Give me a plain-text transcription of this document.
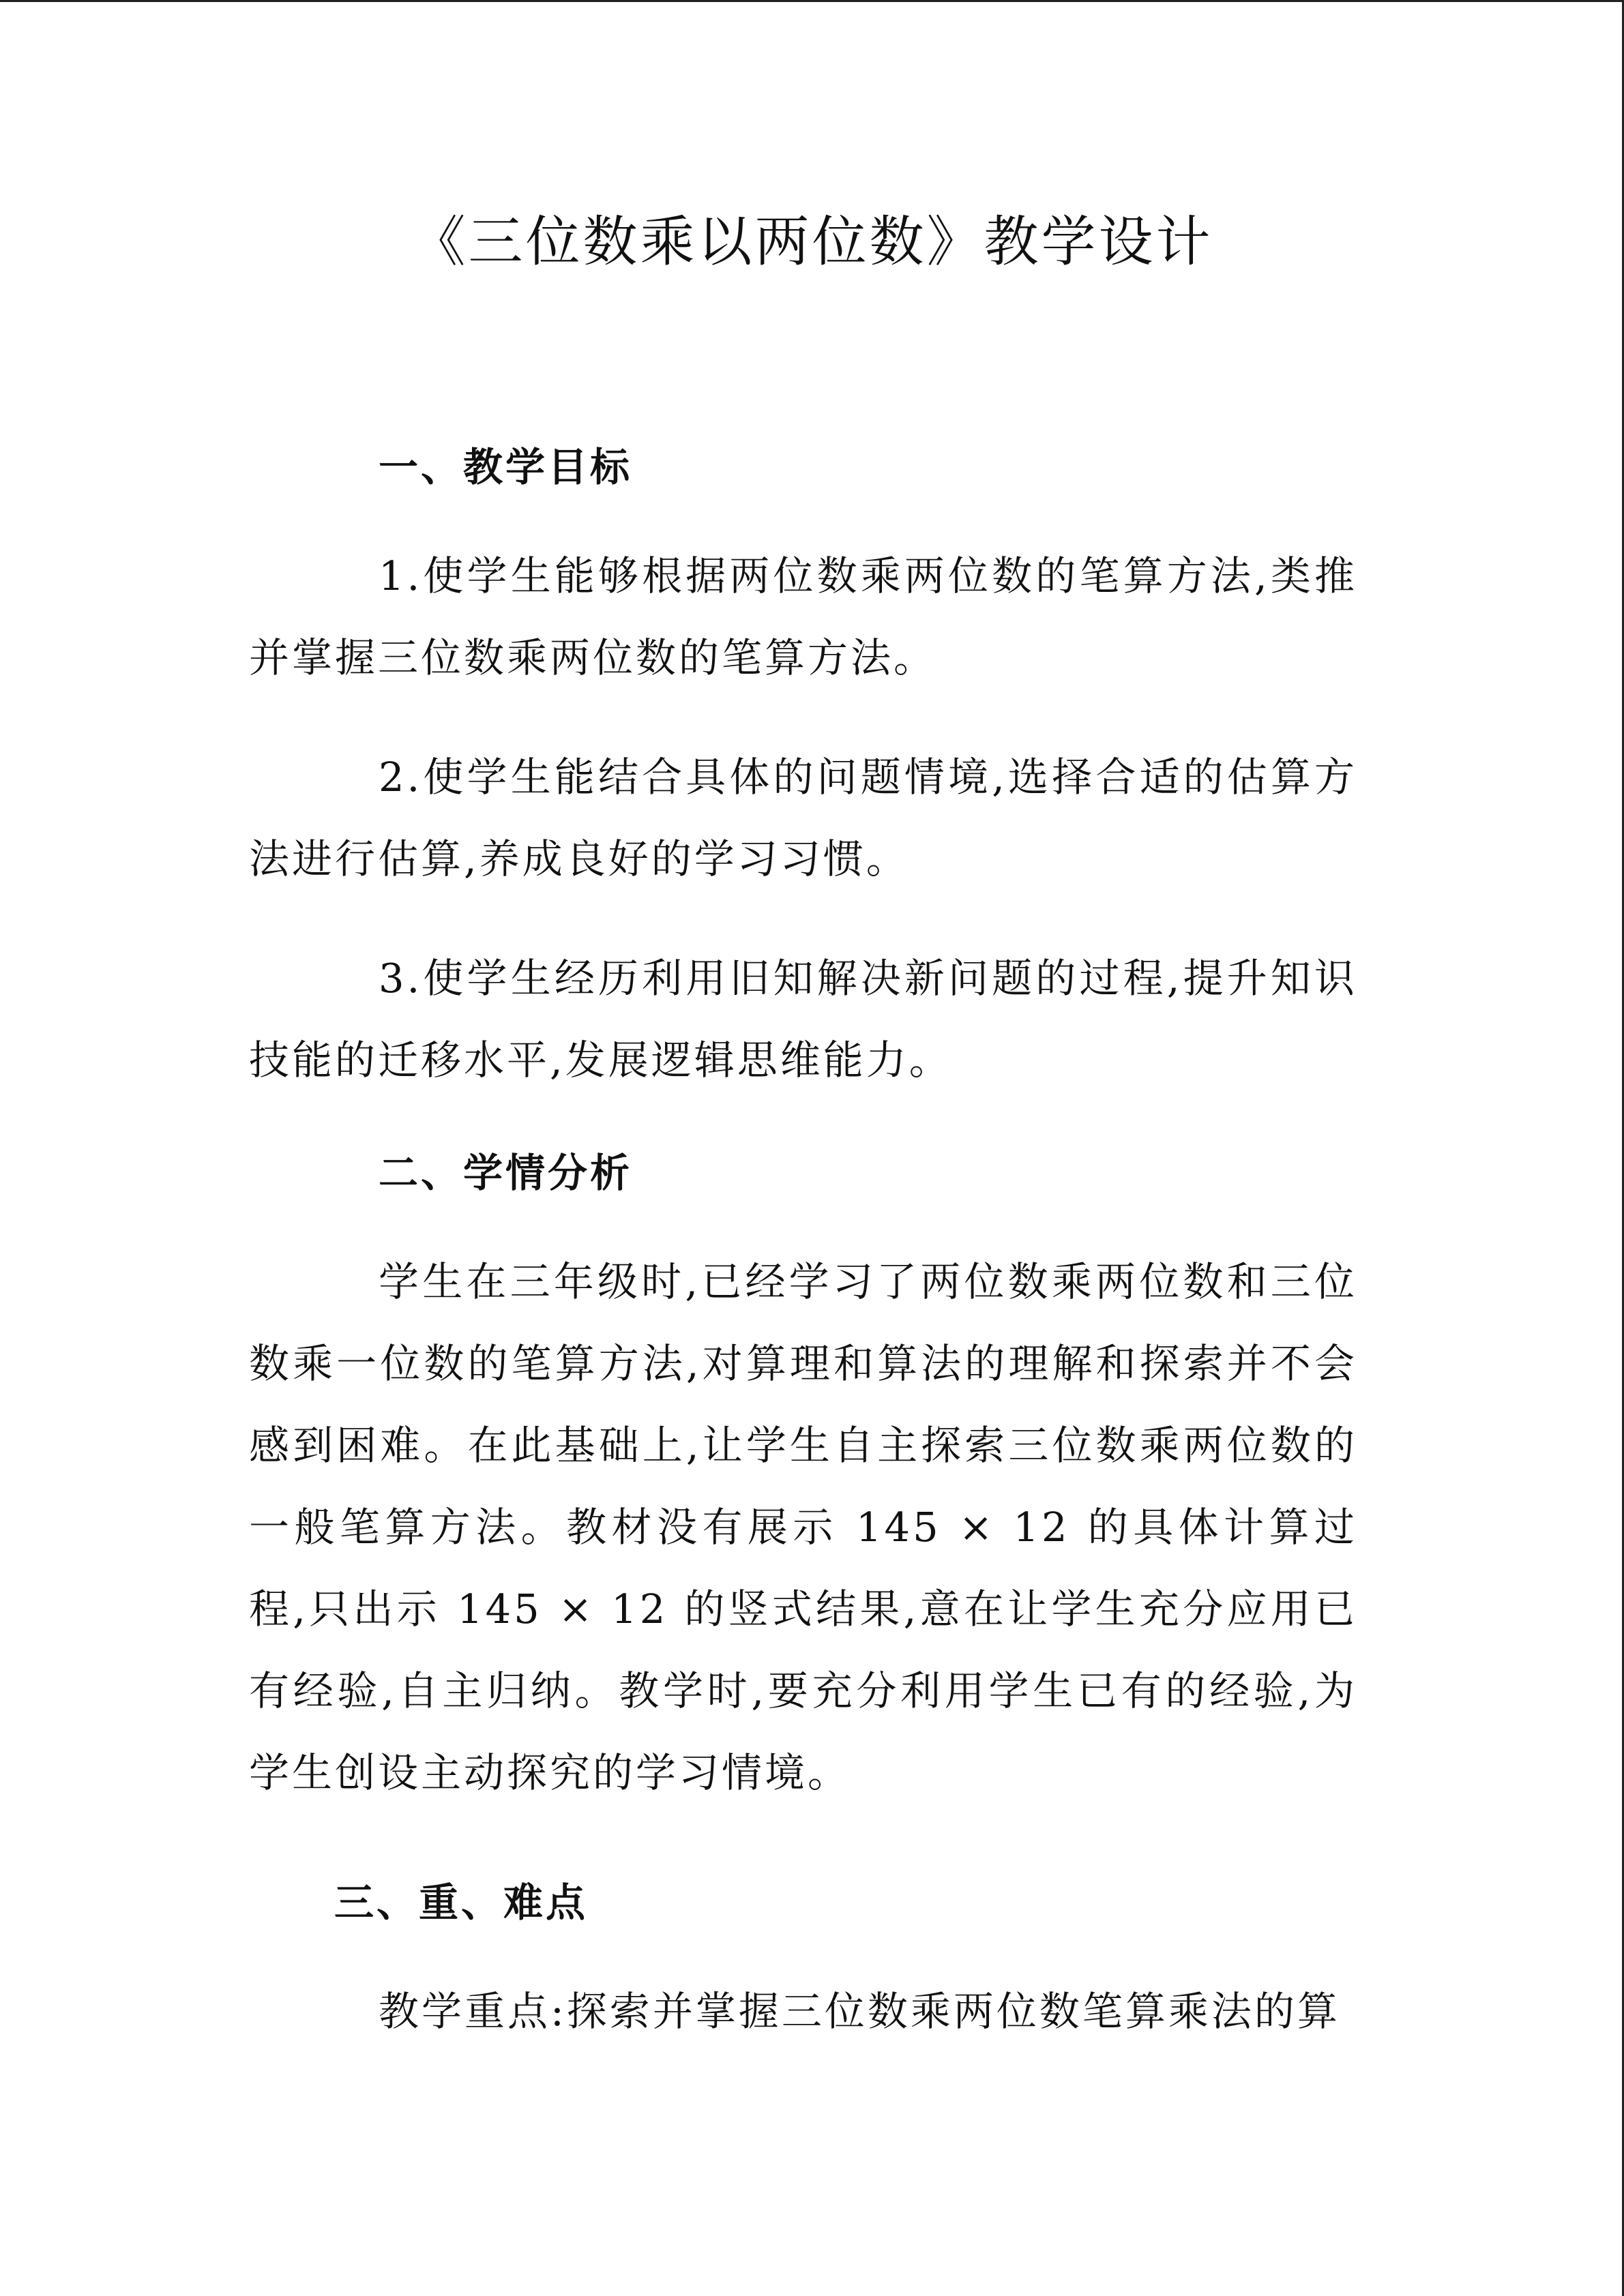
《三位数乘以两位数》教学设计
一、教学目标

1.使学生能够根据两位数乘两位数的笔算方法,类推并掌握三位数乘两位数的笔算方法。

2.使学生能结合具体的问题情境,选择合适的估算方法进行估算,养成良好的学习习惯。

3.使学生经历利用旧知解决新问题的过程,提升知识技能的迁移水平,发展逻辑思维能力。

二、学情分析

学生在三年级时,已经学习了两位数乘两位数和三位数乘一位数的笔算方法,对算理和算法的理解和探索并不会感到困难。在此基础上,让学生自主探索三位数乘两位数的一般笔算方法。教材没有展示 145 × 12 的具体计算过程,只出示 145 × 12 的竖式结果,意在让学生充分应用已有经验,自主归纳。教学时,要充分利用学生已有的经验,为学生创设主动探究的学习情境。

三、重、难点

教学重点:探索并掌握三位数乘两位数笔算乘法的算
